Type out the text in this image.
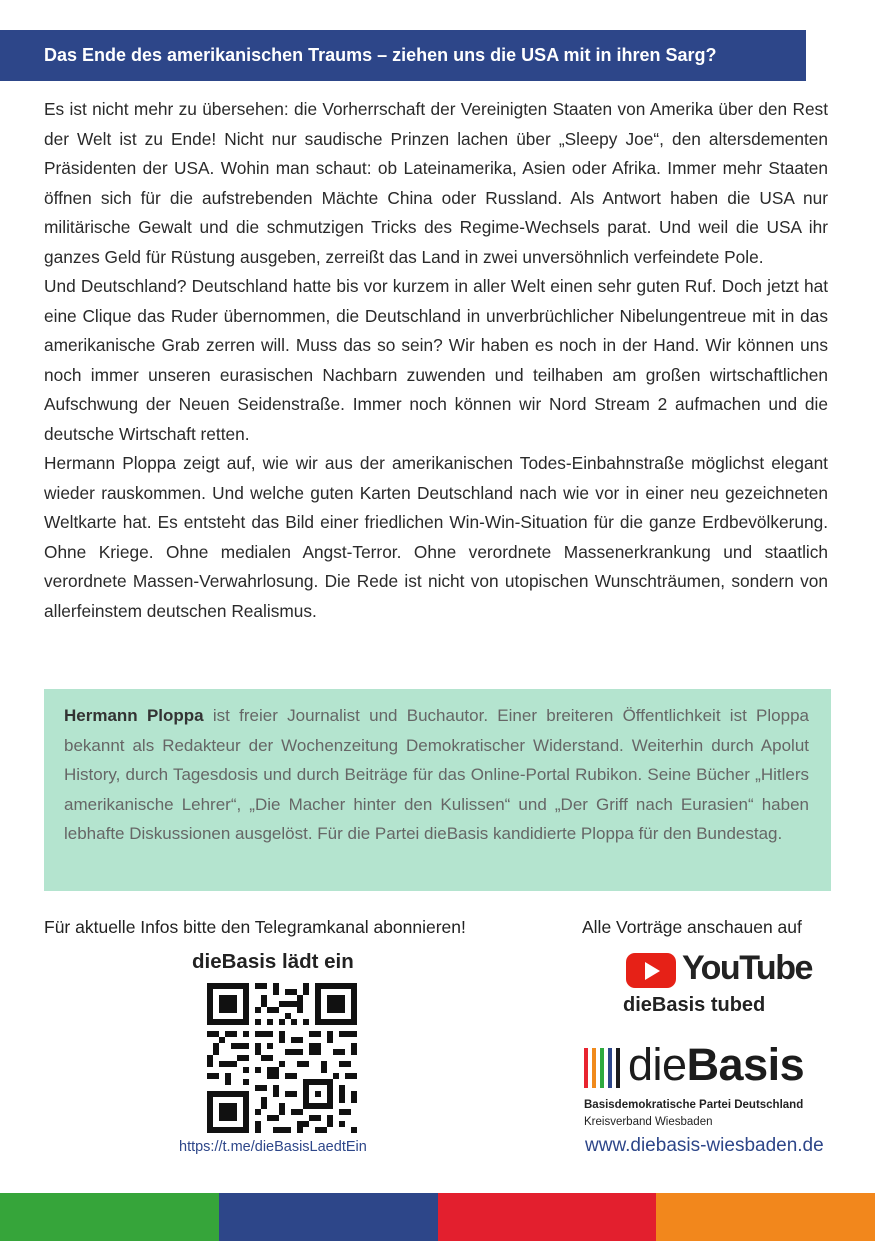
Das Ende des amerikanischen Traums – ziehen uns die USA mit in ihren Sarg?

Es ist nicht mehr zu übersehen: die Vorherrschaft der Vereinigten Staaten von Amerika über den Rest der Welt ist zu Ende! Nicht nur saudische Prinzen lachen über „Sleepy Joe“, den altersdementen Präsidenten der USA. Wohin man schaut: ob Lateinamerika, Asien oder Afrika. Immer mehr Staaten öffnen sich für die aufstrebenden Mächte China oder Russland. Als Antwort haben die USA nur militärische Gewalt und die schmutzigen Tricks des Regime-Wechsels parat. Und weil die USA ihr ganzes Geld für Rüstung ausgeben, zerreißt das Land in zwei unversöhnlich verfeindete Pole.

Und Deutschland? Deutschland hatte bis vor kurzem in aller Welt einen sehr guten Ruf. Doch jetzt hat eine Clique das Ruder übernommen, die Deutschland in unverbrüchlicher Nibelungentreue mit in das amerikanische Grab zerren will. Muss das so sein? Wir haben es noch in der Hand. Wir können uns noch immer unseren eurasischen Nachbarn zuwenden und teilhaben am großen wirtschaftlichen Aufschwung der Neuen Seidenstraße. Immer noch können wir Nord Stream 2 aufmachen und die deutsche Wirtschaft retten.

Hermann Ploppa zeigt auf, wie wir aus der amerikanischen Todes-Einbahnstraße möglichst elegant wieder rauskommen. Und welche guten Karten Deutschland nach wie vor in einer neu gezeichneten Weltkarte hat. Es entsteht das Bild einer friedlichen Win-Win-Situation für die ganze Erdbevölkerung. Ohne Kriege. Ohne medialen Angst-Terror. Ohne verordnete Massenerkrankung und staatlich verordnete Massen-Verwahrlosung. Die Rede ist nicht von utopischen Wunschträumen, sondern von allerfeinstem deutschen Realismus.

Hermann Ploppa ist freier Journalist und Buchautor. Einer breiteren Öffentlichkeit ist Ploppa bekannt als Redakteur der Wochenzeitung Demokratischer Widerstand. Weiterhin durch Apolut History, durch Tagesdosis und durch Beiträge für das Online-Portal Rubikon. Seine Bücher „Hitlers amerikanische Lehrer“, „Die Macher hinter den Kulissen“ und „Der Griff nach Eurasien“ haben lebhafte Diskussionen ausgelöst. Für die Partei dieBasis kandidierte Ploppa für den Bundestag.

Für aktuelle Infos bitte den Telegramkanal abonnieren!
dieBasis lädt ein
https://t.me/dieBasisLaedtEin
Alle Vorträge anschauen auf
YouTube
dieBasis tubed
dieBasis
Basisdemokratische Partei Deutschland
Kreisverband Wiesbaden
www.diebasis-wiesbaden.de
